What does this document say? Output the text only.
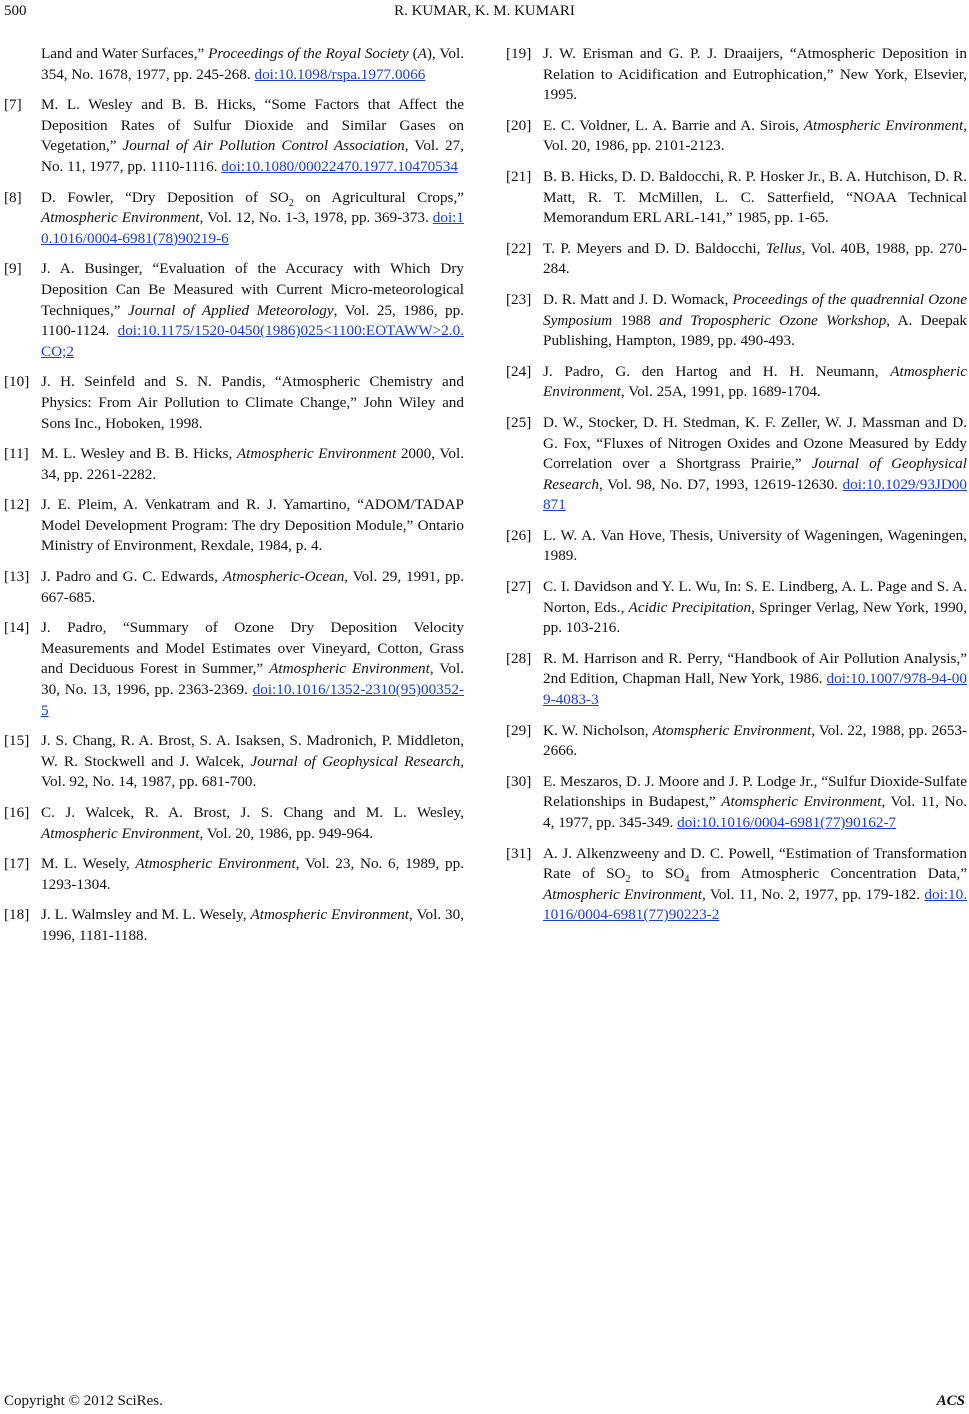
500	R. KUMAR, K. M. KUMARI
Land and Water Surfaces,” Proceedings of the Royal Society (A), Vol. 354, No. 1678, 1977, pp. 245-268. doi:10.1098/rspa.1977.0066
[7]	M. L. Wesley and B. B. Hicks, “Some Factors that Affect the Deposition Rates of Sulfur Dioxide and Similar Gases on Vegetation,” Journal of Air Pollution Control Association, Vol. 27, No. 11, 1977, pp. 1110-1116. doi:10.1080/00022470.1977.10470534
[8]	D. Fowler, “Dry Deposition of $SO_2$ on Agricultural Crops,” Atmospheric Environment, Vol. 12, No. 1-3, 1978, pp. 369-373. doi:10.1016/0004-6981(78)90219-6
[9]	J. A. Businger, “Evaluation of the Accuracy with Which Dry Deposition Can Be Measured with Current Micro-meteorological Techniques,” Journal of Applied Meteorology, Vol. 25, 1986, pp. 1100-1124. doi:10.1175/1520-0450(1986)025<1100:EOTAWW>2.0.CO;2
[10] J. H. Seinfeld and S. N. Pandis, “Atmospheric Chemistry and Physics: From Air Pollution to Climate Change,” John Wiley and Sons Inc., Hoboken, 1998.
[11] M. L. Wesley and B. B. Hicks, Atmospheric Environment 2000, Vol. 34, pp. 2261-2282.
[12] J. E. Pleim, A. Venkatram and R. J. Yamartino, “ADOM/TADAP Model Development Program: The dry Deposition Module,” Ontario Ministry of Environment, Rexdale, 1984, p. 4.
[13] J. Padro and G. C. Edwards, Atmospheric-Ocean, Vol. 29, 1991, pp. 667-685.
[14] J. Padro, “Summary of Ozone Dry Deposition Velocity Measurements and Model Estimates over Vineyard, Cotton, Grass and Deciduous Forest in Summer,” Atmospheric Environment, Vol. 30, No. 13, 1996, pp. 2363-2369. doi:10.1016/1352-2310(95)00352-5
[15] J. S. Chang, R. A. Brost, S. A. Isaksen, S. Madronich, P. Middleton, W. R. Stockwell and J. Walcek, Journal of Geophysical Research, Vol. 92, No. 14, 1987, pp. 681-700.
[16] C. J. Walcek, R. A. Brost, J. S. Chang and M. L. Wesley, Atmospheric Environment, Vol. 20, 1986, pp. 949-964.
[17] M. L. Wesely, Atmospheric Environment, Vol. 23, No. 6, 1989, pp. 1293-1304.
[18] J. L. Walmsley and M. L. Wesely, Atmospheric Environment, Vol. 30, 1996, 1181-1188.
[19] J. W. Erisman and G. P. J. Draaijers, “Atmospheric Deposition in Relation to Acidification and Eutrophication,” New York, Elsevier, 1995.
[20] E. C. Voldner, L. A. Barrie and A. Sirois, Atmospheric Environment, Vol. 20, 1986, pp. 2101-2123.
[21] B. B. Hicks, D. D. Baldocchi, R. P. Hosker Jr., B. A. Hutchison, D. R. Matt, R. T. McMillen, L. C. Satterfield, “NOAA Technical Memorandum ERL ARL-141,” 1985, pp. 1-65.
[22] T. P. Meyers and D. D. Baldocchi, Tellus, Vol. 40B, 1988, pp. 270-284.
[23] D. R. Matt and J. D. Womack, Proceedings of the quadrennial Ozone Symposium 1988 and Tropospheric Ozone Workshop, A. Deepak Publishing, Hampton, 1989, pp. 490-493.
[24] J. Padro, G. den Hartog and H. H. Neumann, Atmospheric Environment, Vol. 25A, 1991, pp. 1689-1704.
[25] D. W., Stocker, D. H. Stedman, K. F. Zeller, W. J. Massman and D. G. Fox, “Fluxes of Nitrogen Oxides and Ozone Measured by Eddy Correlation over a Shortgrass Prairie,” Journal of Geophysical Research, Vol. 98, No. D7, 1993, 12619-12630. doi:10.1029/93JD00871
[26] L. W. A. Van Hove, Thesis, University of Wageningen, Wageningen, 1989.
[27] C. I. Davidson and Y. L. Wu, In: S. E. Lindberg, A. L. Page and S. A. Norton, Eds., Acidic Precipitation, Springer Verlag, New York, 1990, pp. 103-216.
[28] R. M. Harrison and R. Perry, “Handbook of Air Pollution Analysis,” 2nd Edition, Chapman Hall, New York, 1986. doi:10.1007/978-94-009-4083-3
[29] K. W. Nicholson, Atomspheric Environment, Vol. 22, 1988, pp. 2653-2666.
[30] E. Meszaros, D. J. Moore and J. P. Lodge Jr., “Sulfur Dioxide-Sulfate Relationships in Budapest,” Atomspheric Environment, Vol. 11, No. 4, 1977, pp. 345-349. doi:10.1016/0004-6981(77)90162-7
[31] A. J. Alkenzweeny and D. C. Powell, “Estimation of Transformation Rate of $SO_2$ to $SO_4$ from Atmospheric Concentration Data,” Atmospheric Environment, Vol. 11, No. 2, 1977, pp. 179-182. doi:10.1016/0004-6981(77)90223-2
Copyright © 2012 SciRes.	ACS
